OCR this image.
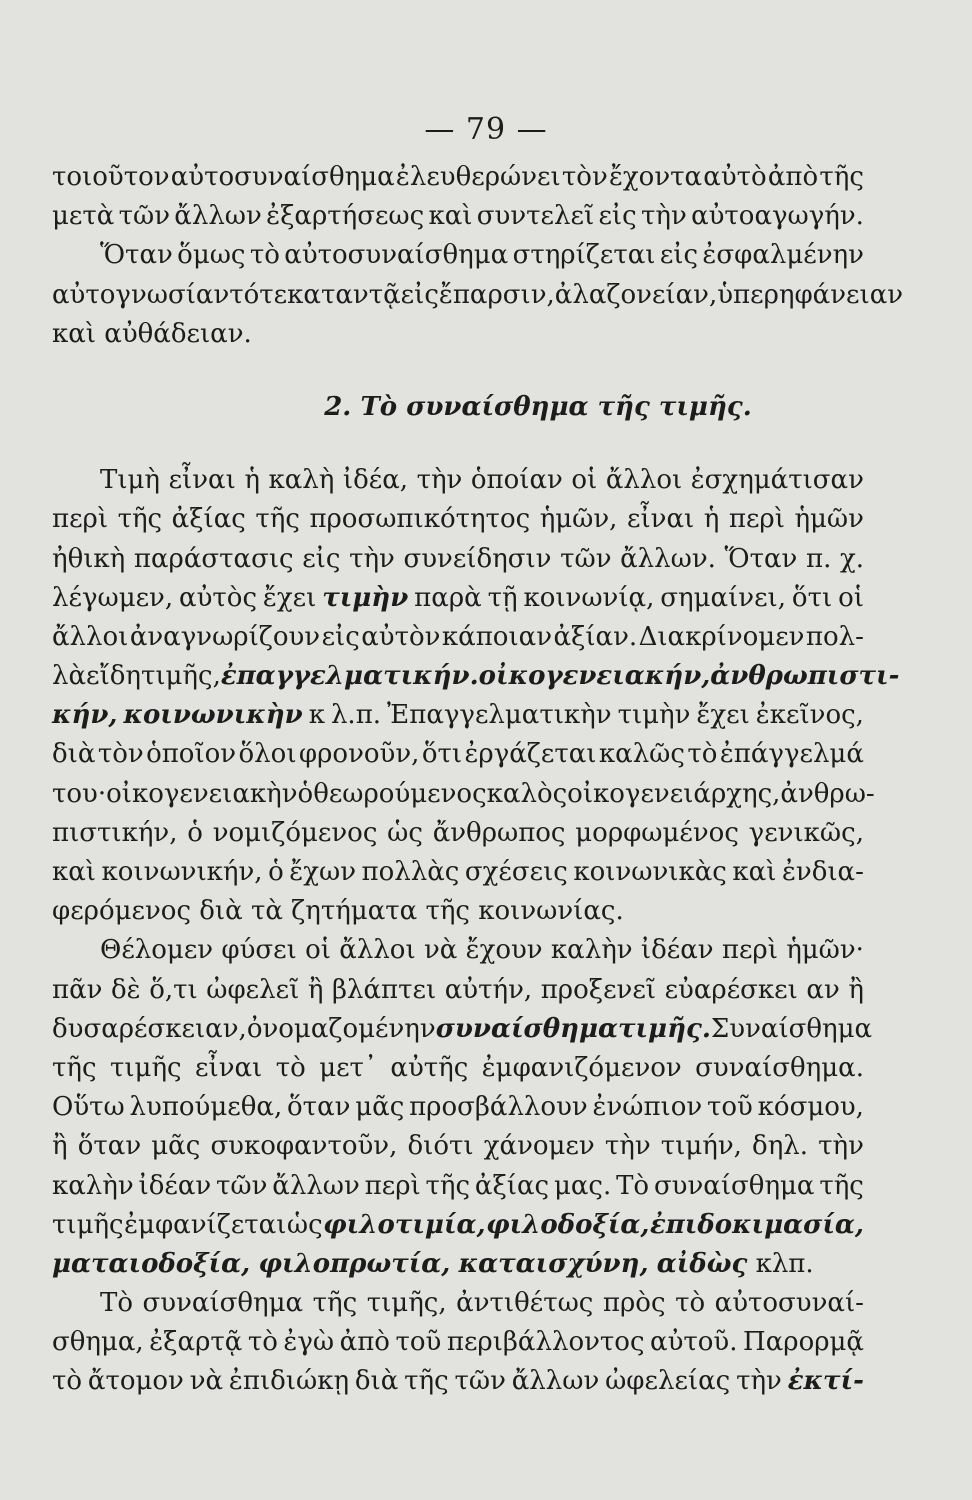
— 79 —
τοιοῦτον αὐτοσυναίσθημα ἐλευθερώνει τὸν ἔχοντα αὐτὸ ἀπὸ τῆς
μετὰ τῶν ἄλλων ἐξαρτήσεως καὶ συντελεῖ εἰς τὴν αὐτοαγωγήν.
Ὅταν ὅμως τὸ αὐτοσυναίσθημα στηρίζεται εἰς ἐσφαλμένην
αὐτογνωσίαν τότε καταντᾷ εἰς ἔπαρσιν, ἀλαζονείαν, ὑπερηφάνειαν
καὶ
αὐθάδειαν.
2.
Τὸ
συναίσθημα
τῆς
τιμῆς.
Τιμὴ εἶναι ἡ καλὴ ἰδέα, τὴν ὁποίαν οἱ ἄλλοι ἐσχημάτισαν
περὶ τῆς ἀξίας τῆς προσωπικότητος ἡμῶν, εἶναι ἡ περὶ ἡμῶν
ἠθικὴ παράστασις εἰς τὴν συνείδησιν τῶν ἄλλων. Ὅταν π. χ.
λέγωμεν, αὐτὸς ἔχει τιμὴν παρὰ τῇ κοινωνίᾳ, σημαίνει, ὅτι οἱ
ἄλλοι ἀναγνωρίζουν εἰς αὐτὸν κάποιαν ἀξίαν. Διακρίνομεν πολ-
λὰ εἴδη τιμῆς, ἐπαγγελματικήν. οἰκογενειακήν, ἀνθρωπιστι-
κήν, κοινωνικὴν κ λ.π. Ἐπαγγελματικὴν τιμὴν ἔχει ἐκεῖνος,
διὰ τὸν ὁποῖον ὅλοι φρονοῦν, ὅτι ἐργάζεται καλῶς τὸ ἐπάγγελμά
του· οἰκογενειακὴν ὁ θεωρούμενος καλὸς οἰκογενειάρχης, ἀνθρω-
πιστικήν, ὁ νομιζόμενος ὡς ἄνθρωπος μορφωμένος γενικῶς,
καὶ κοινωνικήν, ὁ ἔχων πολλὰς σχέσεις κοινωνικὰς καὶ ἐνδια-
φερόμενος
διὰ
τὰ
ζητήματα
τῆς
κοινωνίας.
Θέλομεν φύσει οἱ ἄλλοι νὰ ἔχουν καλὴν ἰδέαν περὶ ἡμῶν·
πᾶν δὲ ὅ,τι ὠφελεῖ ἢ βλάπτει αὐτήν, προξενεῖ εὐαρέσκει αν ἢ
δυσαρέσκειαν, ὀνομαζομένην συναίσθημα τιμῆς. Συναίσθημα
τῆς τιμῆς εἶναι τὸ μετ᾽ αὐτῆς ἐμφανιζόμενον συναίσθημα.
Οὕτω λυπούμεθα, ὅταν μᾶς προσβάλλουν ἐνώπιον τοῦ κόσμου,
ἢ ὅταν μᾶς συκοφαντοῦν, διότι χάνομεν τὴν τιμήν, δηλ. τὴν
καλὴν ἰδέαν τῶν ἄλλων περὶ τῆς ἀξίας μας. Τὸ συναίσθημα τῆς
τιμῆς ἐμφανίζεται ὡς φιλοτιμία, φιλοδοξία, ἐπιδοκιμασία,
ματαιοδοξία,
φιλοπρωτία,
καταισχύνη,
αἰδὼς
κλπ.
Τὸ συναίσθημα τῆς τιμῆς, ἀντιθέτως πρὸς τὸ αὐτοσυναί-
σθημα, ἐξαρτᾷ τὸ ἐγὼ ἀπὸ τοῦ περιβάλλοντος αὐτοῦ. Παρορμᾷ
τὸ ἄτομον νὰ ἐπιδιώκῃ διὰ τῆς τῶν ἄλλων ὠφελείας τὴν ἐκτί-
